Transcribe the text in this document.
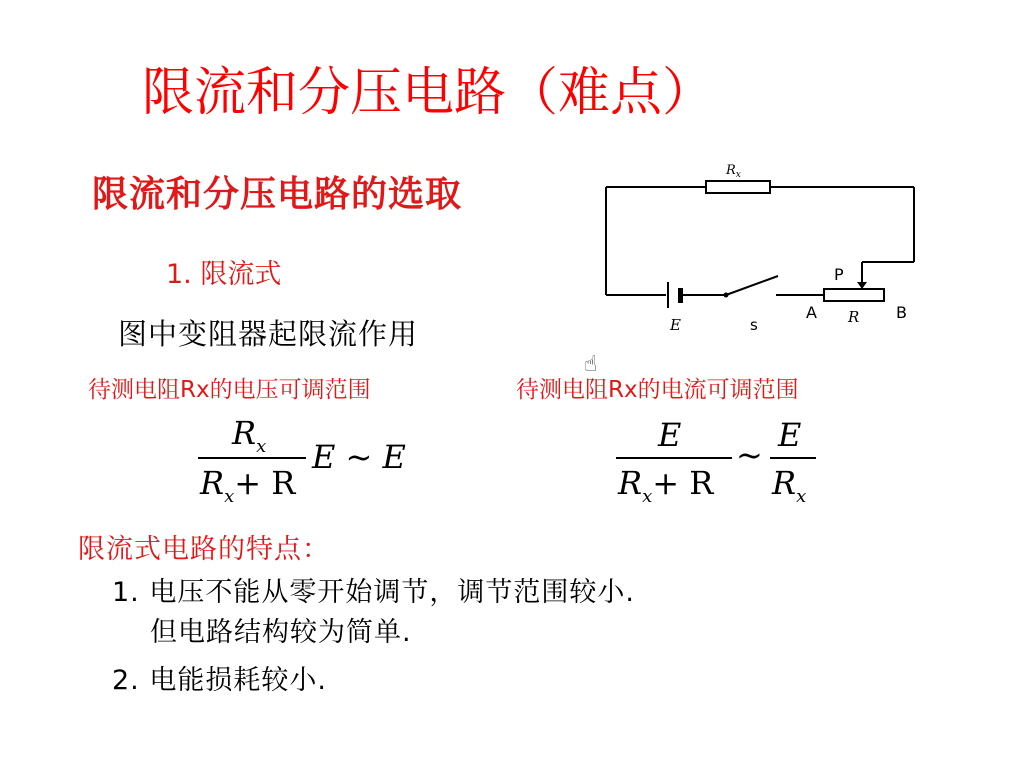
限流和分压电路（难点）
限流和分压电路的选取
1. 限流式
图中变阻器起限流作用
$R_x$
P
E	s
A R B
☝
待测电阻Rx的电压可调范围	待测电阻Rx的电流可调范围
$R_x$
$R_x+ R$
E ~ E
E
$R_x+ R$
~
E
$R_x$
限流式电路的特点：
1. 电压不能从零开始调节，调节范围较小.
但电路结构较为简单.
2. 电能损耗较小.
